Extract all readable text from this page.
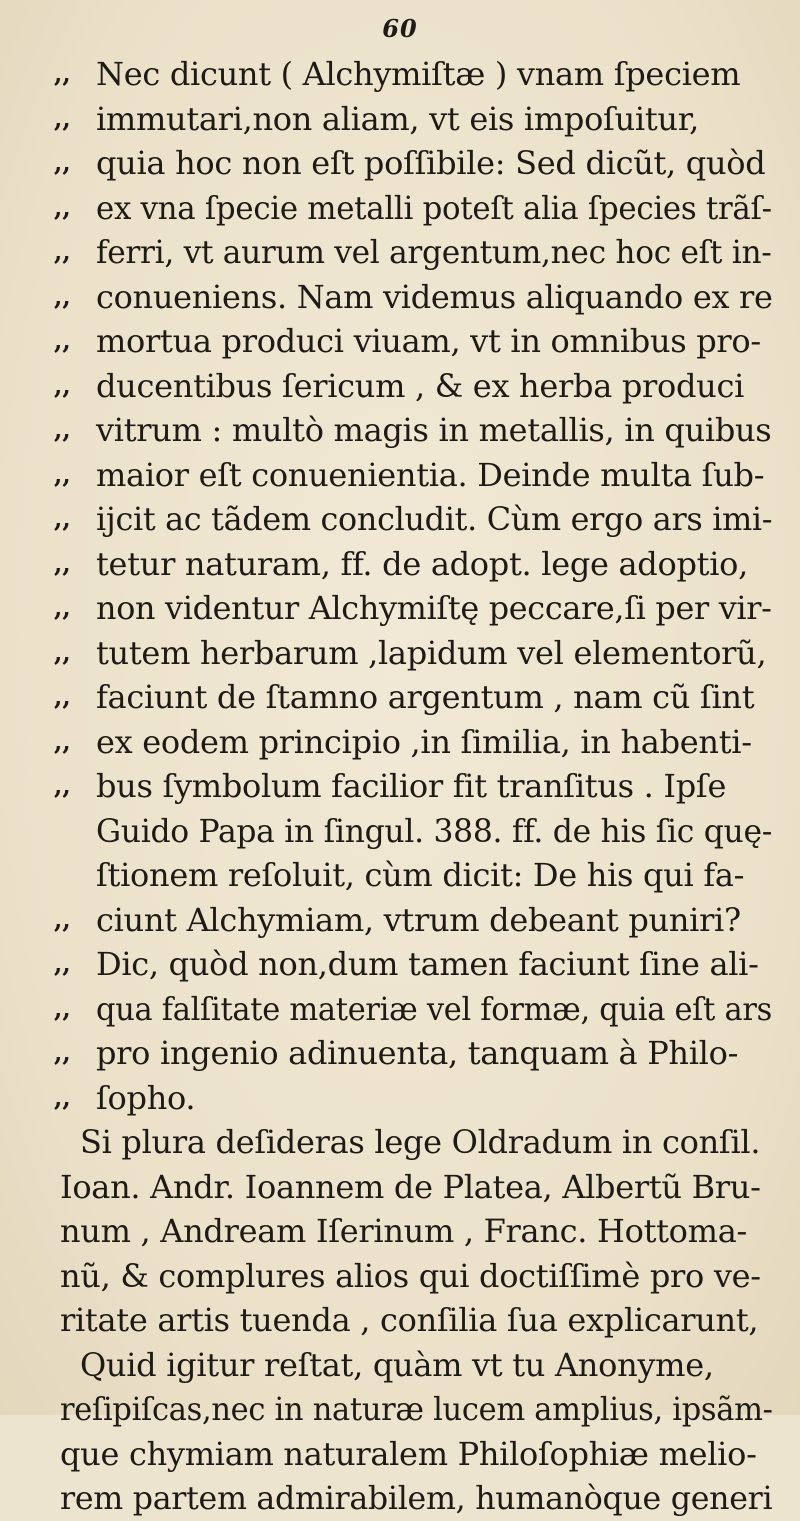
60
,, Nec dicunt ( Alchymiſtæ ) vnam ſpeciem
,, immutari,non aliam, vt eis impoſuitur,
,, quia hoc non eſt poſſibile: Sed dicũt, quòd
,, ex vna ſpecie metalli poteſt alia ſpecies trãſ-
,, ferri, vt aurum vel argentum,nec hoc eſt in-
,, conueniens. Nam videmus aliquando ex re
,, mortua produci viuam, vt in omnibus pro-
,, ducentibus ſericum , & ex herba produci
,, vitrum : multò magis in metallis, in quibus
,, maior eſt conuenientia. Deinde multa ſub-
,, ijcit ac tãdem concludit. Cùm ergo ars imi-
,, tetur naturam, ff. de adopt. lege adoptio,
,, non videntur Alchymiſtę peccare,ſi per vir-
,, tutem herbarum ,lapidum vel elementorũ,
,, faciunt de ſtamno argentum , nam cũ ſint
,, ex eodem principio ,in ſimilia, in habenti-
,, bus ſymbolum facilior fit tranſitus . Ipſe
Guido Papa in ſingul. 388. ff. de his ſic quę-
ſtionem reſoluit, cùm dicit: De his qui fa-
,, ciunt Alchymiam, vtrum debeant puniri?
,, Dic, quòd non,dum tamen faciunt ſine ali-
,, qua falſitate materiæ vel formæ, quia eſt ars
,, pro ingenio adinuenta, tanquam à Philo-
,, ſopho.
Si plura deſideras lege Oldradum in conſil.
Ioan. Andr. Ioannem de Platea, Albertũ Bru-
num , Andream Iſerinum , Franc. Hottoma-
nũ, & complures alios qui doctiſſimè pro ve-
ritate artis tuenda , conſilia ſua explicarunt,
Quid igitur reſtat, quàm vt tu Anonyme,
reſipiſcas,nec in naturæ lucem amplius, ipsãm-
que chymiam naturalem Philoſophiæ melio-
rem partem admirabilem, humanòque generi
